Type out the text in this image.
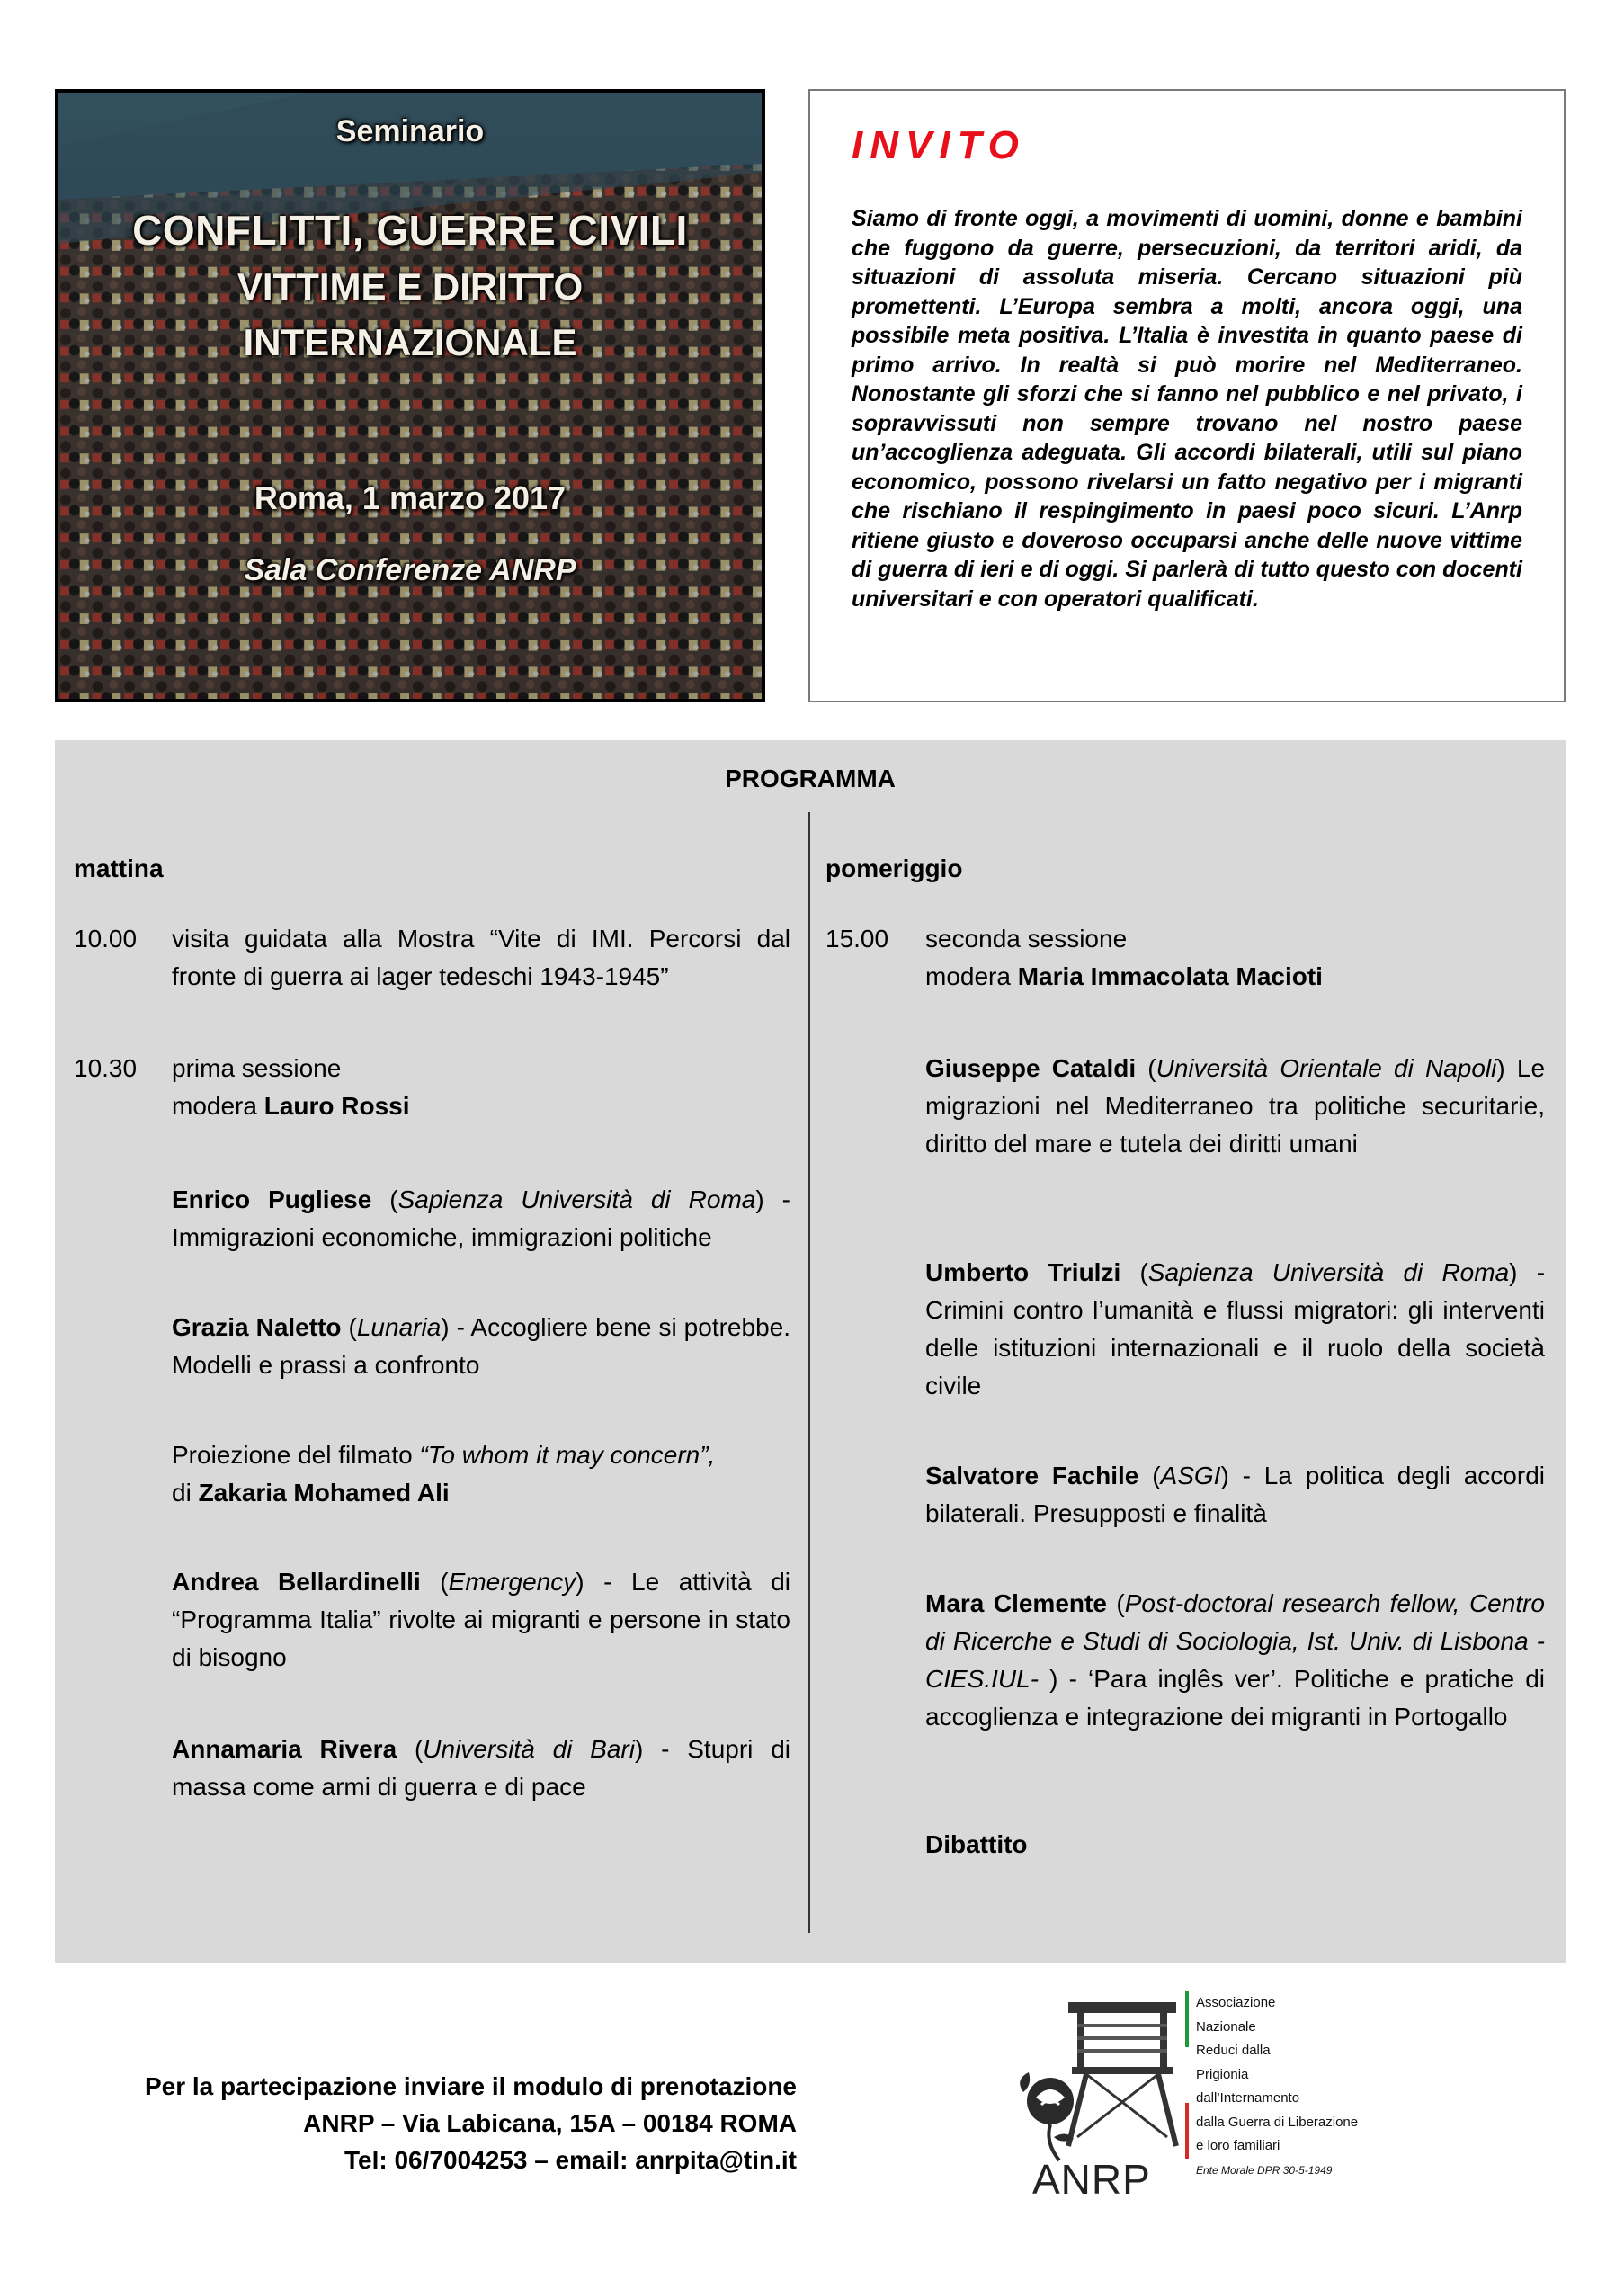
Seminario
CONFLITTI, GUERRE CIVILI
VITTIME E DIRITTO
INTERNAZIONALE
Roma, 1 marzo 2017
Sala Conferenze ANRP
INVITO

Siamo di fronte oggi, a movimenti di uomini, donne e bambini che fuggono da guerre, persecuzioni, da territori aridi, da situazioni di assoluta miseria. Cercano situazioni più promettenti. L’Europa sembra a molti, ancora oggi, una possibile meta positiva. L’Italia è investita in quanto paese di primo arrivo. In realtà si può morire nel Mediterraneo. Nonostante gli sforzi che si fanno nel pubblico e nel privato, i sopravvissuti non sempre trovano nel nostro paese un’accoglienza adeguata. Gli accordi bilaterali, utili sul piano economico, possono rivelarsi un fatto negativo per i migranti che rischiano il respingimento in paesi poco sicuri. L’Anrp ritiene giusto e doveroso occuparsi anche delle nuove vittime di guerra di ieri e di oggi. Si parlerà di tutto questo con docenti universitari e con operatori qualificati.

PROGRAMMA

mattina

10.00 visita guidata alla Mostra “Vite di IMI. Percorsi dal fronte di guerra ai lager tedeschi 1943-1945”

10.30 prima sessione
modera Lauro Rossi

Enrico Pugliese (Sapienza Università di Roma) - Immigrazioni economiche, immigrazioni politiche

Grazia Naletto (Lunaria) - Accogliere bene si potrebbe. Modelli e prassi a confronto

Proiezione del filmato “To whom it may concern”,
di Zakaria Mohamed Ali

Andrea Bellardinelli (Emergency) - Le attività di “Programma Italia” rivolte ai migranti e persone in stato di bisogno

Annamaria Rivera (Università di Bari) - Stupri di massa come armi di guerra e di pace

pomeriggio

15.00 seconda sessione
modera Maria Immacolata Macioti

Giuseppe Cataldi (Università Orientale di Napoli) Le migrazioni nel Mediterraneo tra politiche securitarie, diritto del mare e tutela dei diritti umani

Umberto Triulzi (Sapienza Università di Roma) - Crimini contro l’umanità e flussi migratori: gli interventi delle istituzioni internazionali e il ruolo della società civile

Salvatore Fachile (ASGI) - La politica degli accordi bilaterali. Presupposti e finalità

Mara Clemente (Post-doctoral research fellow, Centro di Ricerche e Studi di Sociologia, Ist. Univ. di Lisbona -CIES.IUL- ) - ‘Para inglês ver’. Politiche e pratiche di accoglienza e integrazione dei migranti in Portogallo

Dibattito

Per la partecipazione inviare il modulo di prenotazione

ANRP – Via Labicana, 15A – 00184 ROMA

Tel: 06/7004253 – email: anrpita@tin.it	ANRP

Associazione

Nazionale

Reduci dalla

Prigionia

dall’Internamento

dalla Guerra di Liberazione

e loro familiari

Ente Morale DPR 30-5-1949
